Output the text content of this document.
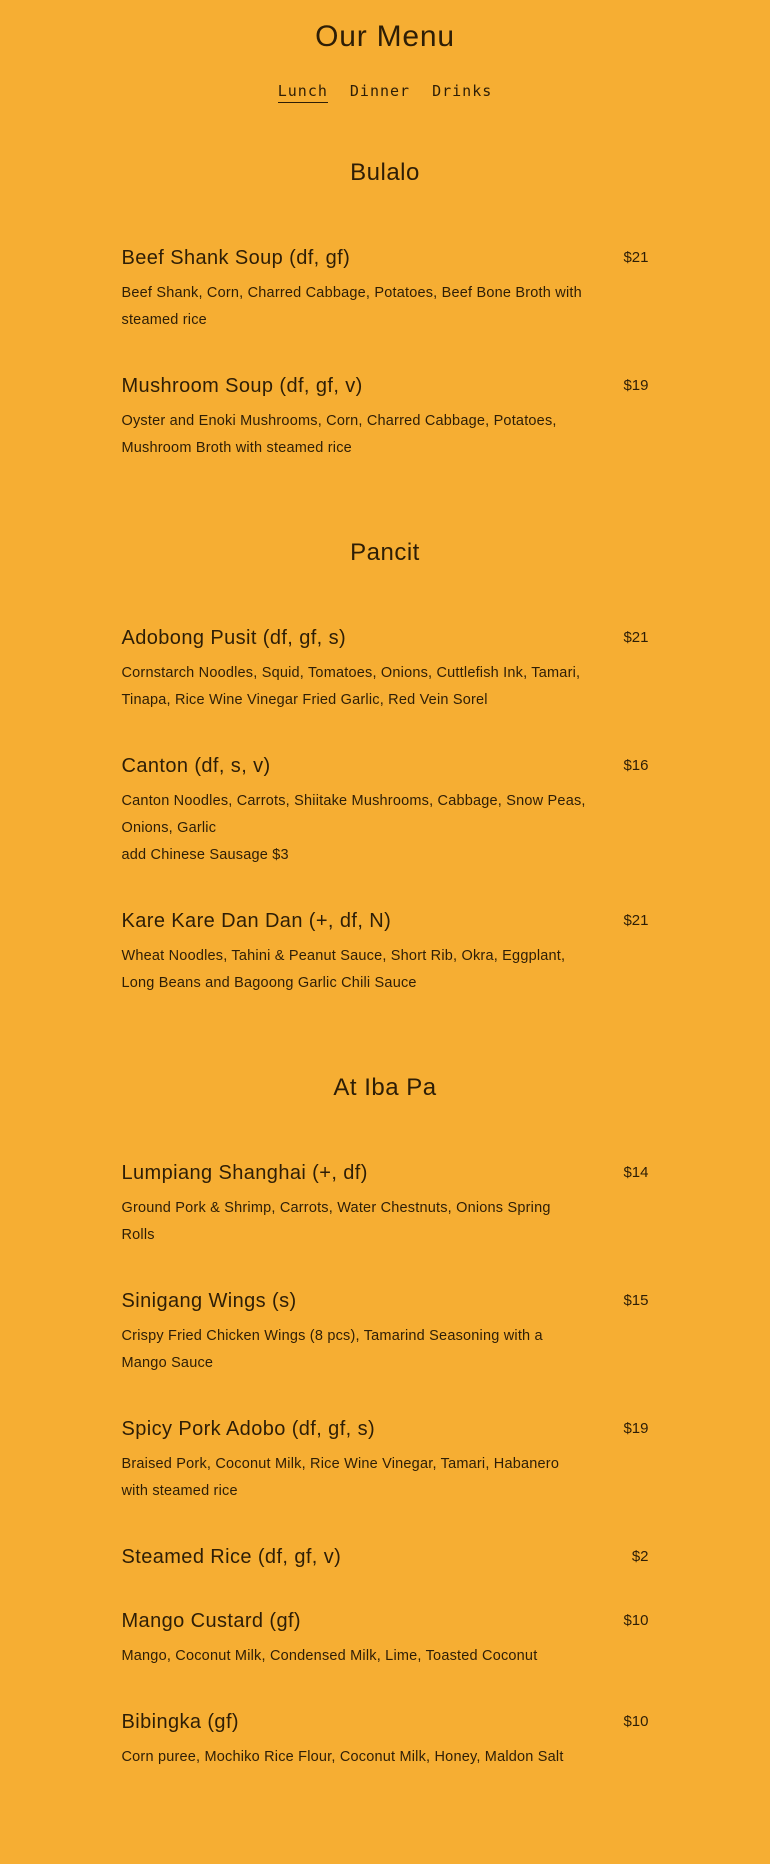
Our Menu
Lunch Dinner Drinks
Bulalo
Beef Shank Soup (df, gf)	$21

Beef Shank, Corn, Charred Cabbage, Potatoes, Beef Bone Broth with steamed rice

Mushroom Soup (df, gf, v)	$19

Oyster and Enoki Mushrooms, Corn, Charred Cabbage, Potatoes, Mushroom Broth with steamed rice

Pancit
Adobong Pusit (df, gf, s)	$21

Cornstarch Noodles, Squid, Tomatoes, Onions, Cuttlefish Ink, Tamari, Tinapa, Rice Wine Vinegar Fried Garlic, Red Vein Sorel

Canton (df, s, v)	$16

Canton Noodles, Carrots, Shiitake Mushrooms, Cabbage, Snow Peas, Onions, Garlic

add Chinese Sausage $3

Kare Kare Dan Dan (+, df, N)	$21

Wheat Noodles, Tahini & Peanut Sauce, Short Rib, Okra, Eggplant, Long Beans and Bagoong Garlic Chili Sauce

At Iba Pa
Lumpiang Shanghai (+, df)	$14

Ground Pork & Shrimp, Carrots, Water Chestnuts, Onions Spring Rolls

Sinigang Wings (s)	$15

Crispy Fried Chicken Wings (8 pcs), Tamarind Seasoning with a Mango Sauce

Spicy Pork Adobo (df, gf, s)	$19

Braised Pork, Coconut Milk, Rice Wine Vinegar, Tamari, Habanero with steamed rice

Steamed Rice (df, gf, v)	$2
Mango Custard (gf)	$10

Mango, Coconut Milk, Condensed Milk, Lime, Toasted Coconut

Bibingka (gf)	$10

Corn puree, Mochiko Rice Flour, Coconut Milk, Honey, Maldon Salt
